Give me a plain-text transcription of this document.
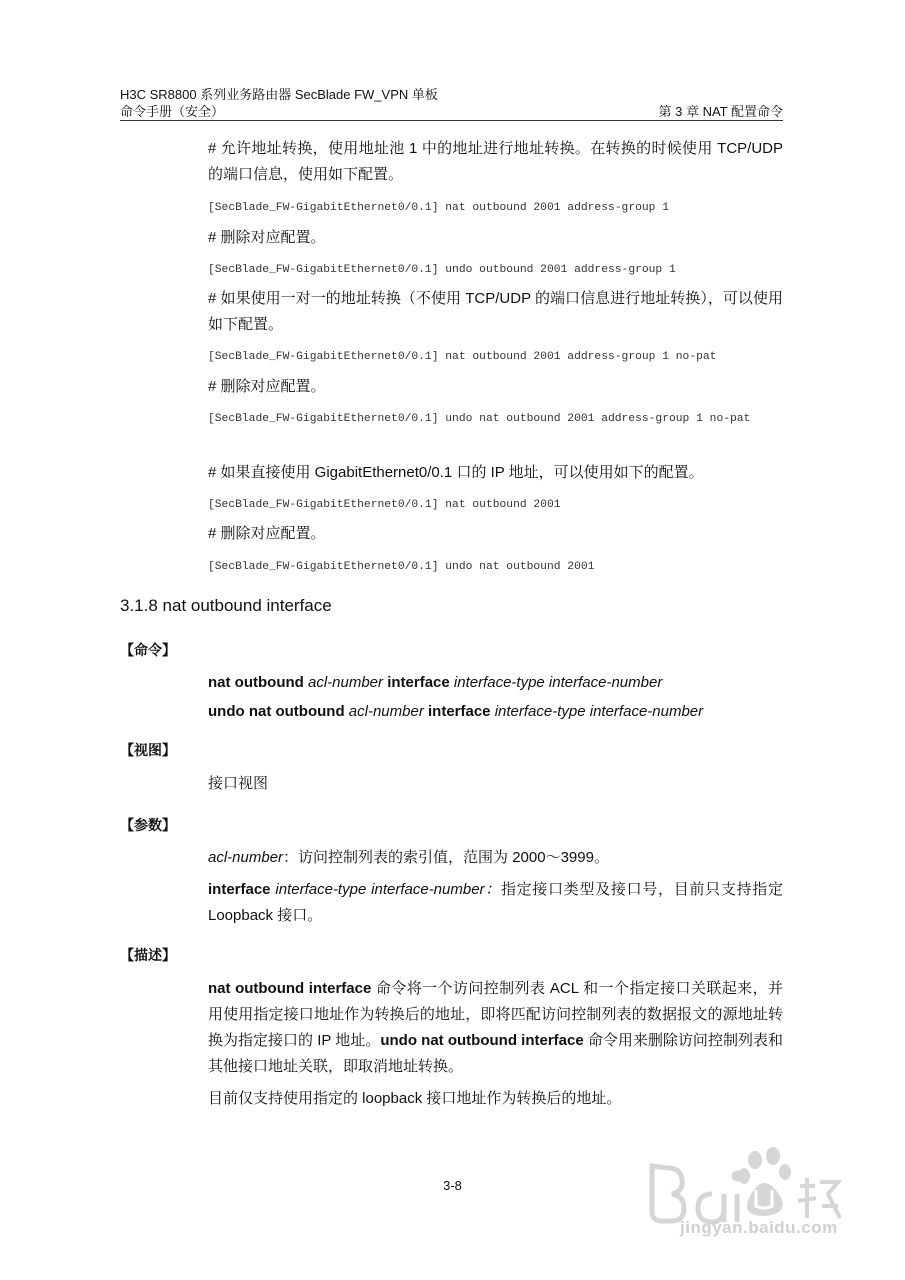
H3C SR8800 系列业务路由器 SecBlade FW_VPN 单板
命令手册（安全）	第 3 章 NAT 配置命令

# 允许地址转换，使用地址池 1 中的地址进行地址转换。在转换的时候使用 TCP/UDP 的端口信息，使用如下配置。

[SecBlade_FW-GigabitEthernet0/0.1] nat outbound 2001 address-group 1

# 删除对应配置。

[SecBlade_FW-GigabitEthernet0/0.1] undo outbound 2001 address-group 1

# 如果使用一对一的地址转换（不使用 TCP/UDP 的端口信息进行地址转换），可以使用如下配置。

[SecBlade_FW-GigabitEthernet0/0.1] nat outbound 2001 address-group 1 no-pat

# 删除对应配置。

[SecBlade_FW-GigabitEthernet0/0.1] undo nat outbound 2001 address-group 1 no-pat

# 如果直接使用 GigabitEthernet0/0.1 口的 IP 地址，可以使用如下的配置。

[SecBlade_FW-GigabitEthernet0/0.1] nat outbound 2001

# 删除对应配置。

[SecBlade_FW-GigabitEthernet0/0.1] undo nat outbound 2001

3.1.8 nat outbound interface
【命令】

nat outbound acl-number interface interface-type interface-number

undo nat outbound acl-number interface interface-type interface-number

【视图】

接口视图

【参数】

acl-number：访问控制列表的索引值，范围为 2000～3999。

interface interface-type interface-number：指定接口类型及接口号，目前只支持指定 Loopback 接口。

【描述】

nat outbound interface 命令将一个访问控制列表 ACL 和一个指定接口关联起来，并用使用指定接口地址作为转换后的地址，即将匹配访问控制列表的数据报文的源地址转换为指定接口的 IP 地址。undo nat outbound interface 命令用来删除访问控制列表和其他接口地址关联，即取消地址转换。

目前仅支持使用指定的 loopback 接口地址作为转换后的地址。

3-8
jingyan.baidu.com
